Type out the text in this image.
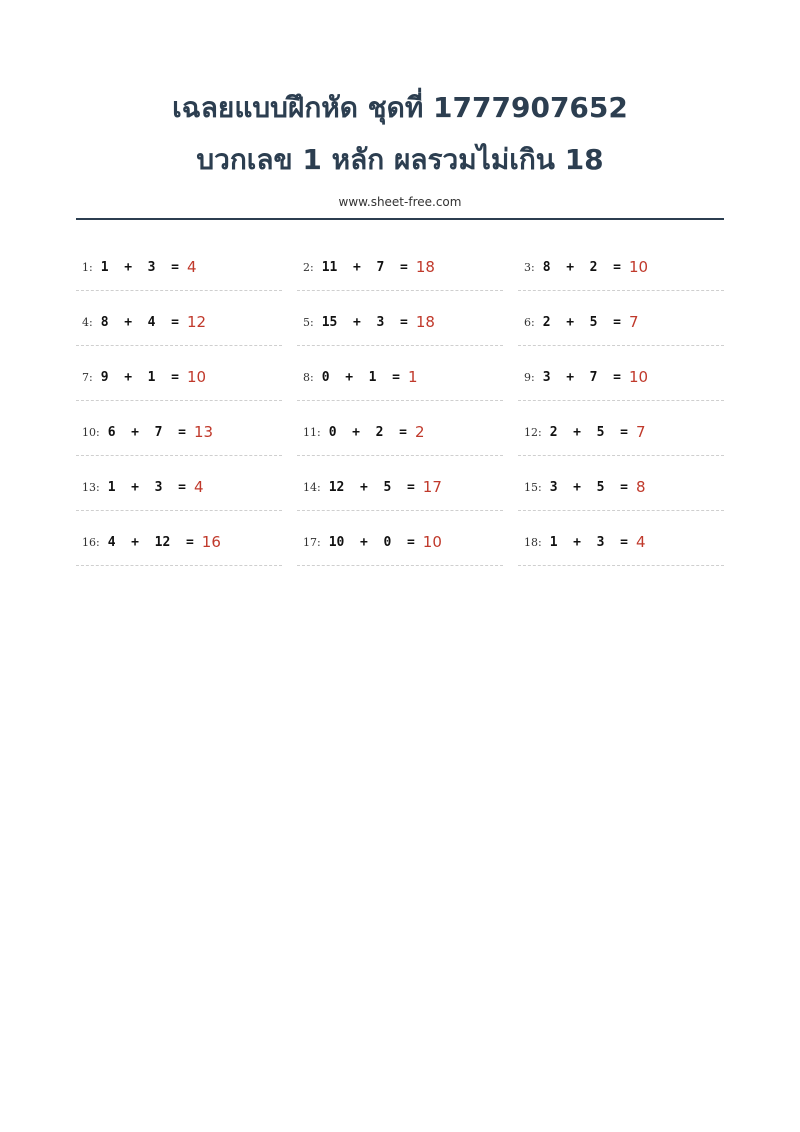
เฉลยแบบฝึกหัด ชุดที่ 1777907652
บวกเลข 1 หลัก ผลรวมไม่เกิน 18
www.sheet-free.com
1: 1  +  3  = 4	2: 11  +  7  = 18	3: 8  +  2  = 10
4: 8  +  4  = 12	5: 15  +  3  = 18	6: 2  +  5  = 7
7: 9  +  1  = 10	8: 0  +  1  = 1	9: 3  +  7  = 10
10: 6  +  7  = 13	11: 0  +  2  = 2	12: 2  +  5  = 7
13: 1  +  3  = 4	14: 12  +  5  = 17	15: 3  +  5  = 8
16: 4  +  12  = 16	17: 10  +  0  = 10	18: 1  +  3  = 4
